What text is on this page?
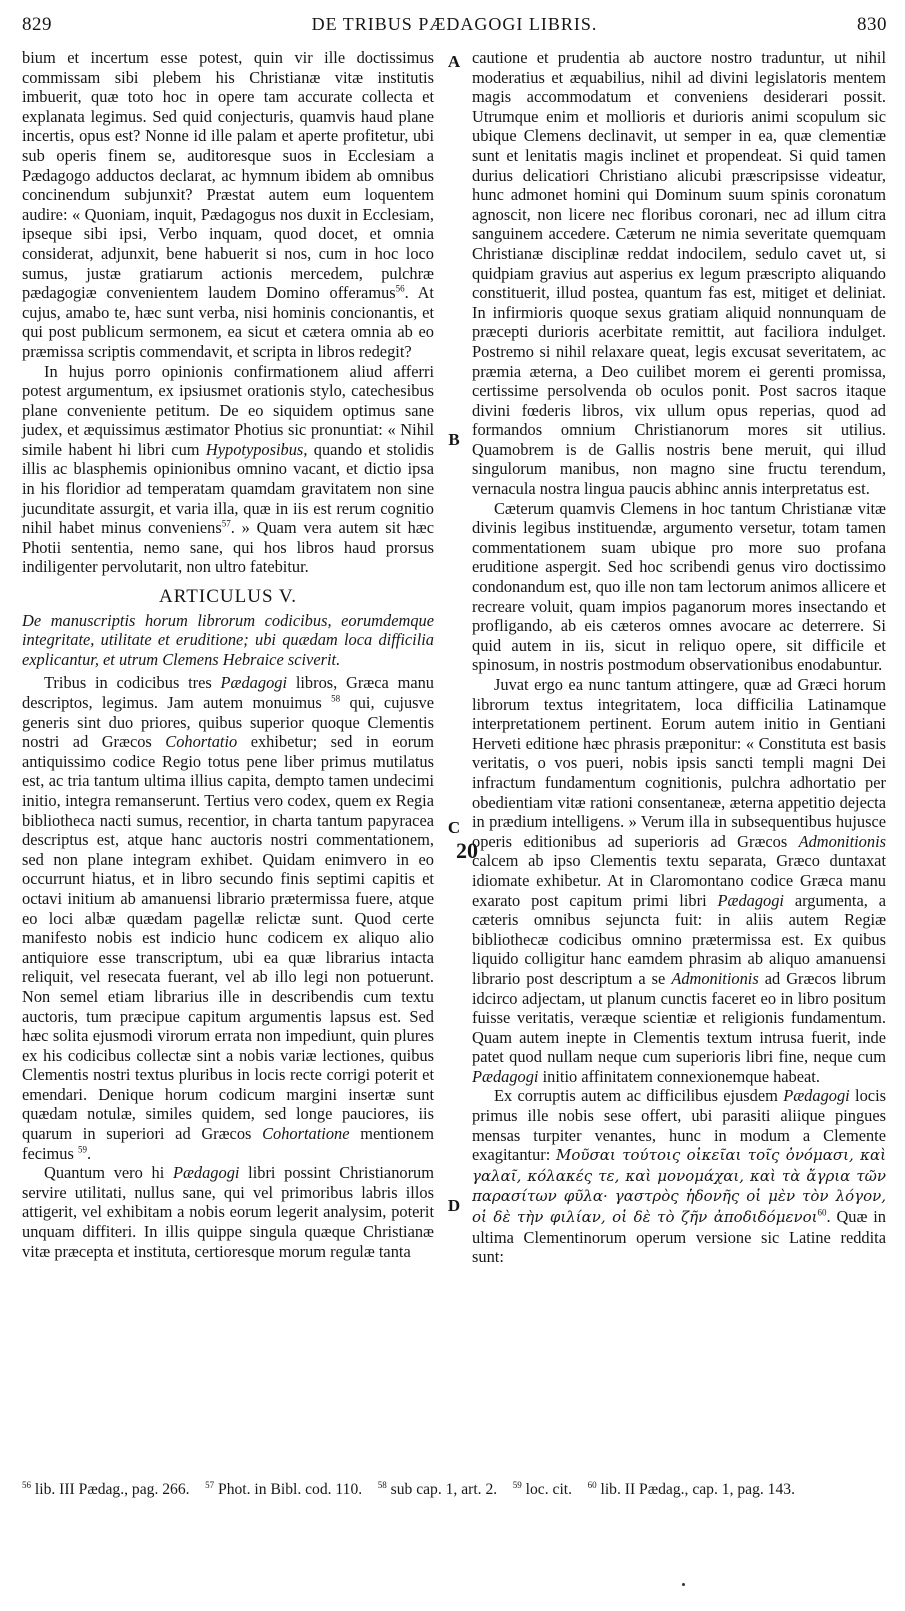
829	DE TRIBUS PÆDAGOGI LIBRIS.	830

bium et incertum esse potest, quin vir ille doctissimus commissam sibi plebem his Christianæ vitæ institutis imbuerit, quæ toto hoc in opere tam accurate collecta et explanata legimus. Sed quid conjecturis, quamvis haud plane incertis, opus est? Nonne id ille palam et aperte profitetur, ubi sub operis finem se, auditoresque suos in Ecclesiam a Pædagogo adductos declarat, ac hymnum ibidem ab omnibus concinendum subjunxit? Præstat autem eum loquentem audire: « Quoniam, inquit, Pædagogus nos duxit in Ecclesiam, ipseque sibi ipsi, Verbo inquam, quod docet, et omnia considerat, adjunxit, bene habuerit si nos, cum in hoc loco sumus, justæ gratiarum actionis mercedem, pulchræ pædagogiæ convenientem laudem Domino offeramus$^{56}$. At cujus, amabo te, hæc sunt verba, nisi hominis concionantis, et qui post publicum sermonem, ea sicut et cætera omnia ab eo præmissa scriptis commendavit, et scripta in libros redegit?

In hujus porro opinionis confirmationem aliud afferri potest argumentum, ex ipsiusmet orationis stylo, catechesibus plane conveniente petitum. De eo siquidem optimus sane judex, et æquissimus æstimator Photius sic pronuntiat: « Nihil simile habent hi libri cum Hypotyposibus, quando et stolidis illis ac blasphemis opinionibus omnino vacant, et dictio ipsa in his floridior ad temperatam quamdam gravitatem non sine jucunditate assurgit, et varia illa, quæ in iis est rerum cognitio nihil habet minus conveniens$^{57}$. » Quam vera autem sit hæc Photii sententia, nemo sane, qui hos libros haud prorsus indiligenter pervolutarit, non ultro fatebitur.

ARTICULUS V.

De manuscriptis horum librorum codicibus, eorumdemque integritate, utilitate et eruditione; ubi quædam loca difficilia explicantur, et utrum Clemens Hebraice sciverit.

Tribus in codicibus tres Pædagogi libros, Græca manu descriptos, legimus. Jam autem monuimus $^{58}$ qui, cujusve generis sint duo priores, quibus superior quoque Clementis nostri ad Græcos Cohortatio exhibetur; sed in eorum antiquissimo codice Regio totus pene liber primus mutilatus est, ac tria tantum ultima illius capita, dempto tamen undecimi initio, integra remanserunt. Tertius vero codex, quem ex Regia bibliotheca nacti sumus, recentior, in charta tantum papyracea descriptus est, atque hanc auctoris nostri commentationem, sed non plane integram exhibet. Quidam enimvero in eo occurrunt hiatus, et in libro secundo finis septimi capitis et octavi initium ab amanuensi librario prætermissa fuere, atque eo loci albæ quædam pagellæ relictæ sunt. Quod certe manifesto nobis est indicio hunc codicem ex aliquo alio antiquiore esse transcriptum, ubi ea quæ librarius intacta reliquit, vel resecata fuerant, vel ab illo legi non potuerunt. Non semel etiam librarius ille in describendis cum textu auctoris, tum præcipue capitum argumentis lapsus est. Sed hæc solita ejusmodi virorum errata non impediunt, quin plures ex his codicibus collectæ sint a nobis variæ lectiones, quibus Clementis nostri textus pluribus in locis recte corrigi poterit et emendari. Denique horum codicum margini insertæ sunt quædam notulæ, similes quidem, sed longe pauciores, iis quarum in superiori ad Græcos Cohortatione mentionem fecimus $^{59}$.

Quantum vero hi Pædagogi libri possint Christianorum servire utilitati, nullus sane, qui vel primoribus labris illos attigerit, vel exhibitam a nobis eorum legerit analysim, poterit unquam diffiteri. In illis quippe singula quæque Christianæ vitæ præcepta et instituta, certioresque morum regulæ tanta

A
B
C
D
20

cautione et prudentia ab auctore nostro traduntur, ut nihil moderatius et æquabilius, nihil ad divini legislatoris mentem magis accommodatum et conveniens desiderari possit. Utrumque enim et mollioris et durioris animi scopulum sic ubique Clemens declinavit, ut semper in ea, quæ clementiæ sunt et lenitatis magis inclinet et propendeat. Si quid tamen durius delicatiori Christiano alicubi præscripsisse videatur, hunc admonet homini qui Dominum suum spinis coronatum agnoscit, non licere nec floribus coronari, nec ad illum citra sanguinem accedere. Cæterum ne nimia severitate quemquam Christianæ disciplinæ reddat indocilem, sedulo cavet ut, si quidpiam gravius aut asperius ex legum præscripto aliquando constituerit, illud postea, quantum fas est, mitiget et deliniat. In infirmioris quoque sexus gratiam aliquid nonnunquam de præcepti durioris acerbitate remittit, aut faciliora indulget. Postremo si nihil relaxare queat, legis excusat severitatem, ac præmia æterna, a Deo cuilibet morem ei gerenti promissa, certissime persolvenda ob oculos ponit. Post sacros itaque divini fœderis libros, vix ullum opus reperias, quod ad formandos omnium Christianorum mores sit utilius. Quamobrem is de Gallis nostris bene meruit, qui illud singulorum manibus, non magno sine fructu terendum, vernacula nostra lingua paucis abhinc annis interpretatus est.

Cæterum quamvis Clemens in hoc tantum Christianæ vitæ divinis legibus instituendæ, argumento versetur, totam tamen commentationem suam ubique pro more suo profana eruditione aspergit. Sed hoc scribendi genus viro doctissimo condonandum est, quo ille non tam lectorum animos allicere et recreare voluit, quam impios paganorum mores insectando et profligando, ab eis cæteros omnes avocare ac deterrere. Si quid autem in iis, sicut in reliquo opere, sit difficile et spinosum, in nostris postmodum observationibus enodabuntur.

Juvat ergo ea nunc tantum attingere, quæ ad Græci horum librorum textus integritatem, loca difficilia Latinamque interpretationem pertinent. Eorum autem initio in Gentiani Herveti editione hæc phrasis præponitur: « Constituta est basis veritatis, o vos pueri, nobis ipsis sancti templi magni Dei infractum fundamentum cognitionis, pulchra adhortatio per obedientiam vitæ rationi consentaneæ, æterna appetitio dejecta in prædium intelligens. » Verum illa in subsequentibus hujusce operis editionibus ad superioris ad Græcos Admonitionis calcem ab ipso Clementis textu separata, Græco duntaxat idiomate exhibetur. At in Claromontano codice Græca manu exarato post capitum primi libri Pædagogi argumenta, a cæteris omnibus sejuncta fuit: in aliis autem Regiæ bibliothecæ codicibus omnino prætermissa est. Ex quibus liquido colligitur hanc eamdem phrasim ab aliquo amanuensi librario post descriptum a se Admonitionis ad Græcos librum idcirco adjectam, ut planum cunctis faceret eo in libro positum fuisse veritatis, veræque scientiæ et religionis fundamentum. Quam autem inepte in Clementis textum intrusa fuerit, inde patet quod nullam neque cum superioris libri fine, neque cum Pædagogi initio affinitatem connexionemque habeat.

Ex corruptis autem ac difficilibus ejusdem Pædagogi locis primus ille nobis sese offert, ubi parasiti aliique pingues mensas turpiter venantes, hunc in modum a Clemente exagitantur: Μοῦσαι τούτοις οἰκεῖαι τοῖς ὀνόμασι, καὶ γαλαῖ, κόλακές τε, καὶ μονομάχαι, καὶ τὰ ἄγρια τῶν παρασίτων φῦλα· γαστρὸς ἡδονῆς οἱ μὲν τὸν λόγον, οἱ δὲ τὴν φιλίαν, οἱ δὲ τὸ ζῆν ἀποδιδόμενοι$^{60}$. Quæ in ultima Clementinorum operum versione sic Latine reddita sunt:

$^{56}$ lib. III Pædag., pag. 266. $^{57}$ Phot. in Bibl. cod. 110. $^{58}$ sub cap. 1, art. 2. $^{59}$ loc. cit. $^{60}$ lib. II Pædag., cap. 1, pag. 143.
